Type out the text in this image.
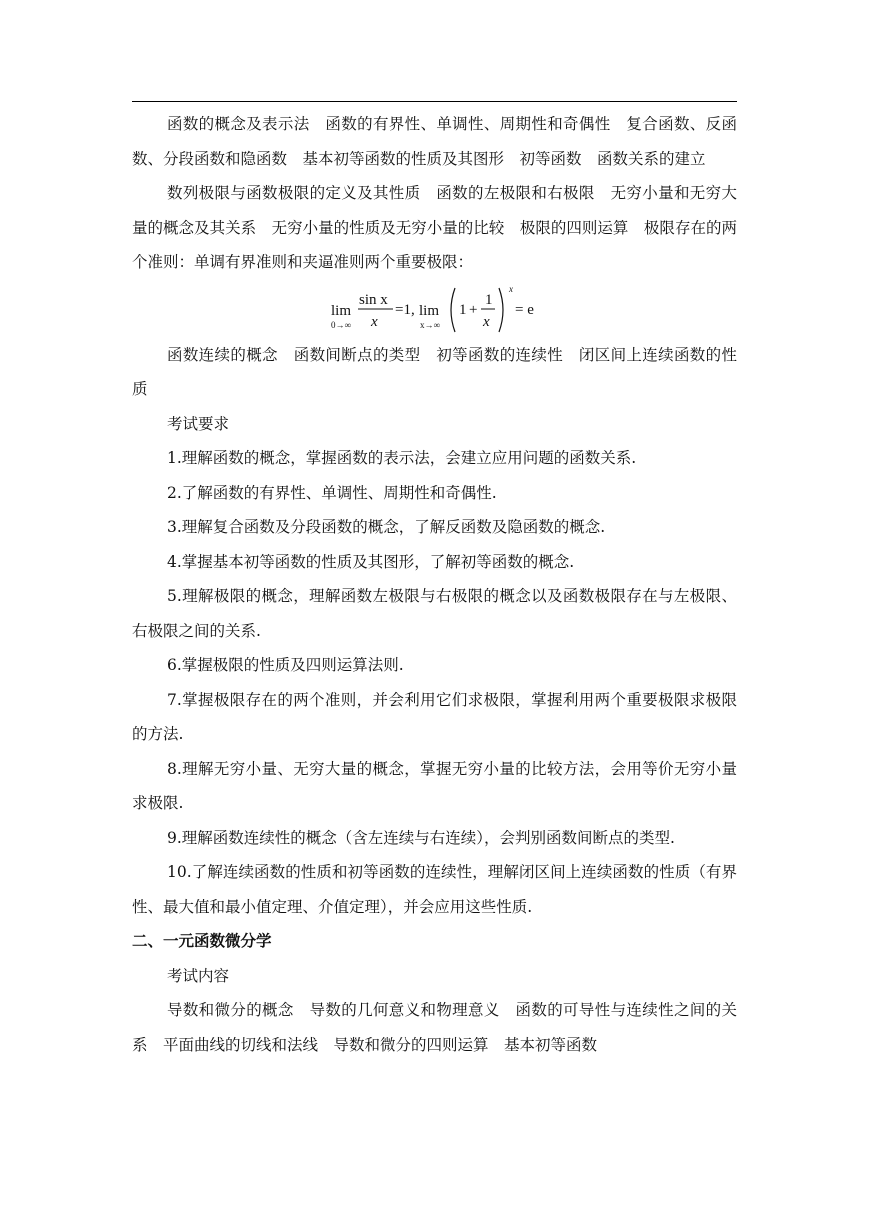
函数的概念及表示法　函数的有界性、单调性、周期性和奇偶性　复合函数、反函数、分段函数和隐函数　基本初等函数的性质及其图形　初等函数　函数关系的建立

数列极限与函数极限的定义及其性质　函数的左极限和右极限　无穷小量和无穷大量的概念及其关系　无穷小量的性质及无穷小量的比较　极限的四则运算　极限存在的两个准则：单调有界准则和夹逼准则两个重要极限：

lim
0→∞
sin x
x
=1, lim
x→∞
1 +
1
x
x
= e

函数连续的概念　函数间断点的类型　初等函数的连续性　闭区间上连续函数的性质

考试要求

1.理解函数的概念，掌握函数的表示法，会建立应用问题的函数关系.

2.了解函数的有界性、单调性、周期性和奇偶性.

3.理解复合函数及分段函数的概念，了解反函数及隐函数的概念.

4.掌握基本初等函数的性质及其图形，了解初等函数的概念.

5.理解极限的概念，理解函数左极限与右极限的概念以及函数极限存在与左极限、右极限之间的关系.

6.掌握极限的性质及四则运算法则.

7.掌握极限存在的两个准则，并会利用它们求极限，掌握利用两个重要极限求极限的方法.

8.理解无穷小量、无穷大量的概念，掌握无穷小量的比较方法，会用等价无穷小量求极限.

9.理解函数连续性的概念（含左连续与右连续），会判别函数间断点的类型.

10.了解连续函数的性质和初等函数的连续性，理解闭区间上连续函数的性质（有界性、最大值和最小值定理、介值定理），并会应用这些性质.

二、一元函数微分学

考试内容

导数和微分的概念　导数的几何意义和物理意义　函数的可导性与连续性之间的关系　平面曲线的切线和法线　导数和微分的四则运算　基本初等函数
